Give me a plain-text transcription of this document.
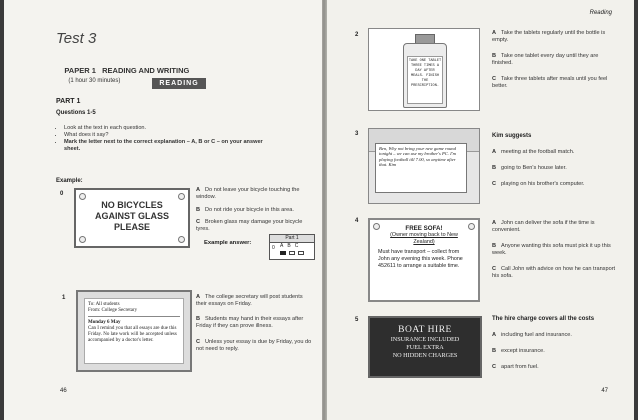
Test 3

PAPER 1   READING AND WRITING
(1 hour 30 minutes)
	READING
PART 1
Questions 1-5
• Look at the text in each question.
• What does it say?
• Mark the letter next to the correct explanation – A, B or C – on your answer sheet.
Example:
0
NO BICYCLES AGAINST GLASS PLEASE
A Do not leave your bicycle touching the window.
B Do not ride your bicycle in this area.
C Broken glass may damage your bicycle tyres.
Example answer:
Part 1
0 A B C
1
To: All students
From: College Secretary
Monday 6 May
Can I remind you that all essays are due this Friday. No late work will be accepted unless accompanied by a doctor's letter.
A The college secretary will post students their essays on Friday.
B Students may hand in their essays after Friday if they can prove illness.
C Unless your essay is due by Friday, you do not need to reply.
46
Reading
2
TAKE ONE TABLET THREE TIMES A DAY AFTER MEALS. FINISH THE PRESCRIPTION.
A Take the tablets regularly until the bottle is empty.
B Take one tablet every day until they are finished.
C Take three tablets after meals until you feel better.
3
Ben, Why not bring your new game round tonight – we can use my brother's PC. I'm playing football till 7.00, so anytime after that. Kim
Kim suggests
A meeting at the football match.
B going to Ben's house later.
C playing on his brother's computer.
4
FREE SOFA!
(Owner moving back to New Zealand)
Must have transport – collect from John any evening this week. Phone 452611 to arrange a suitable time.
A John can deliver the sofa if the time is convenient.
B Anyone wanting this sofa must pick it up this week.
C Call John with advice on how he can transport his sofa.
5
BOAT HIRE
INSURANCE INCLUDED
FUEL EXTRA
NO HIDDEN CHARGES
The hire charge covers all the costs
A including fuel and insurance.
B except insurance.
C apart from fuel.
47
